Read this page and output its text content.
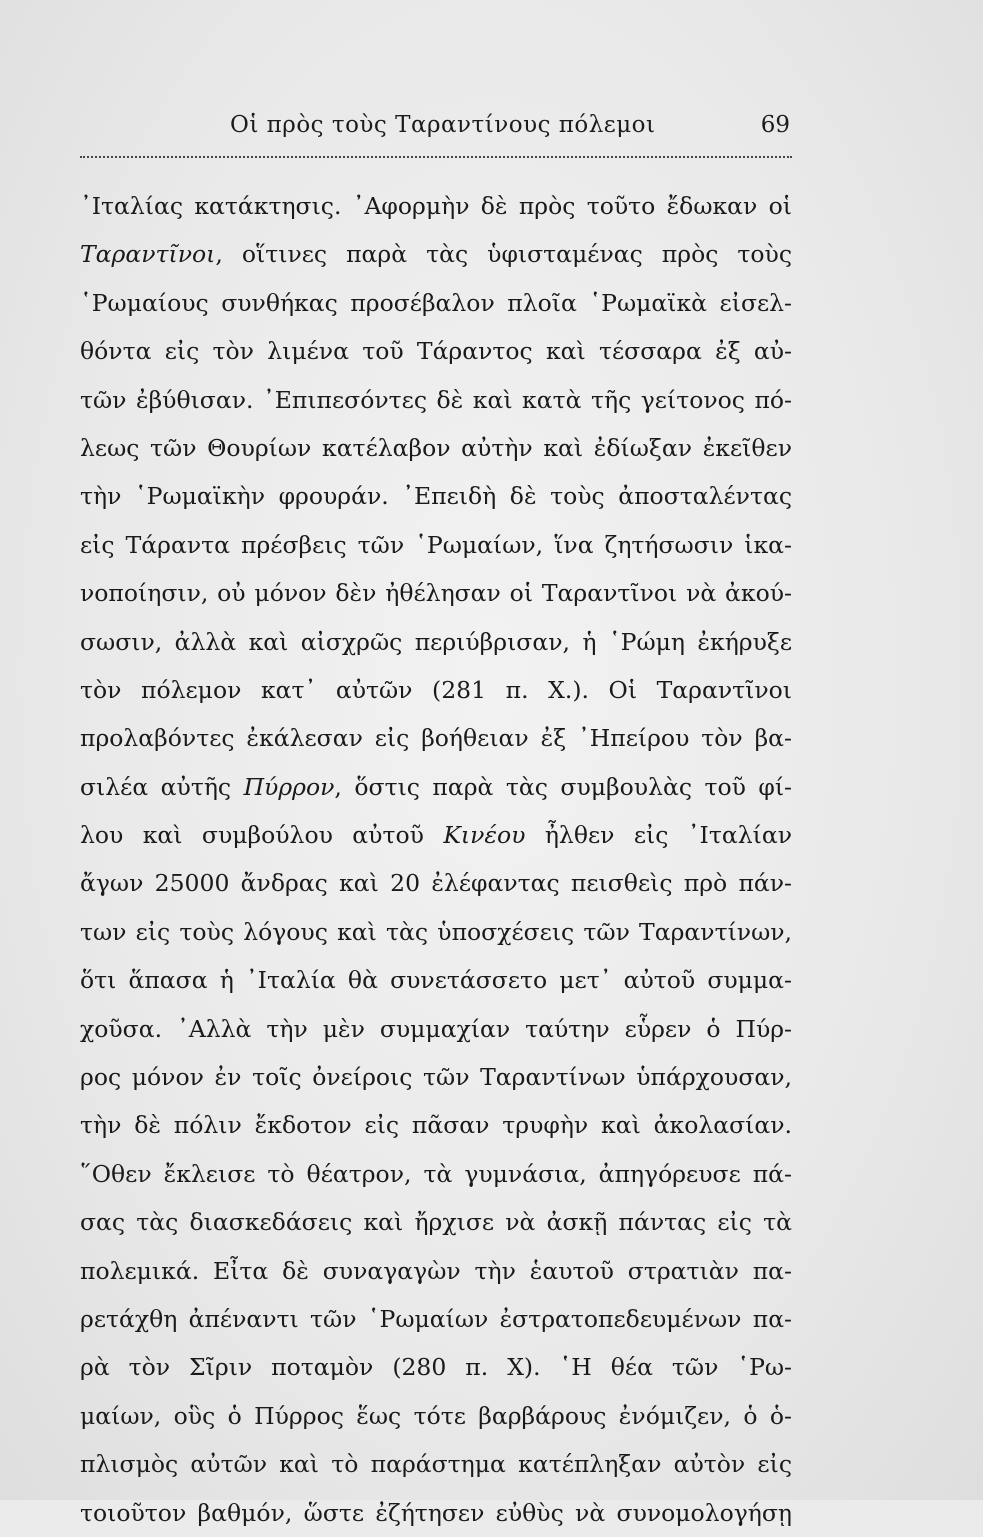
Οἱ πρὸς τοὺς Ταραντίνους πόλεμοι	69
᾿Ιταλίας κατάκτησις. ᾿Αφορμὴν δὲ πρὸς τοῦτο ἔδωκαν οἱ
Ταραντῖνοι, οἵτινες παρὰ τὰς ὑφισταμένας πρὸς τοὺς
῾Ρωμαίους συνθήκας προσέβαλον πλοῖα ῾Ρωμαϊκὰ εἰσελ-
θόντα εἰς τὸν λιμένα τοῦ Τάραντος καὶ τέσσαρα ἐξ αὐ-
τῶν ἐβύθισαν. ᾿Επιπεσόντες δὲ καὶ κατὰ τῆς γείτονος πό-
λεως τῶν Θουρίων κατέλαβον αὐτὴν καὶ ἐδίωξαν ἐκεῖθεν
τὴν ῾Ρωμαϊκὴν φρουράν. ᾿Επειδὴ δὲ τοὺς ἀποσταλέντας
εἰς Τάραντα πρέσβεις τῶν ῾Ρωμαίων, ἵνα ζητήσωσιν ἱκα-
νοποίησιν, οὐ μόνον δὲν ἠθέλησαν οἱ Ταραντῖνοι νὰ ἀκού-
σωσιν, ἀλλὰ καὶ αἰσχρῶς περιύβρισαν, ἡ ῾Ρώμη ἐκήρυξε
τὸν πόλεμον κατ᾿ αὐτῶν (281 π. Χ.). Οἱ Ταραντῖνοι
προλαβόντες ἐκάλεσαν εἰς βοήθειαν ἐξ ᾿Ηπείρου τὸν βα-
σιλέα αὐτῆς Πύρρον, ὅστις παρὰ τὰς συμβουλὰς τοῦ φί-
λου καὶ συμβούλου αὐτοῦ Κινέου ἦλθεν εἰς ᾿Ιταλίαν
ἄγων 25000 ἄνδρας καὶ 20 ἐλέφαντας πεισθεὶς πρὸ πάν-
των εἰς τοὺς λόγους καὶ τὰς ὑποσχέσεις τῶν Ταραντίνων,
ὅτι ἅπασα ἡ ᾿Ιταλία θὰ συνετάσσετο μετ᾿ αὐτοῦ συμμα-
χοῦσα. ᾿Αλλὰ τὴν μὲν συμμαχίαν ταύτην εὗρεν ὁ Πύρ-
ρος μόνον ἐν τοῖς ὀνείροις τῶν Ταραντίνων ὑπάρχουσαν,
τὴν δὲ πόλιν ἔκδοτον εἰς πᾶσαν τρυφὴν καὶ ἀκολασίαν.
῞Οθεν ἔκλεισε τὸ θέατρον, τὰ γυμνάσια, ἀπηγόρευσε πά-
σας τὰς διασκεδάσεις καὶ ἤρχισε νὰ ἀσκῇ πάντας εἰς τὰ
πολεμικά. Εἶτα δὲ συναγαγὼν τὴν ἑαυτοῦ στρατιὰν πα-
ρετάχθη ἀπέναντι τῶν ῾Ρωμαίων ἐστρατοπεδευμένων πα-
ρὰ τὸν Σῖριν ποταμὸν (280 π. Χ). ῾Η θέα τῶν ῾Ρω-
μαίων, οὓς ὁ Πύρρος ἕως τότε βαρβάρους ἐνόμιζεν, ὁ ὁ-
πλισμὸς αὐτῶν καὶ τὸ παράστημα κατέπληξαν αὐτὸν εἰς
τοιοῦτον βαθμόν, ὥστε ἐζήτησεν εὐθὺς νὰ συνομολογήσῃ
